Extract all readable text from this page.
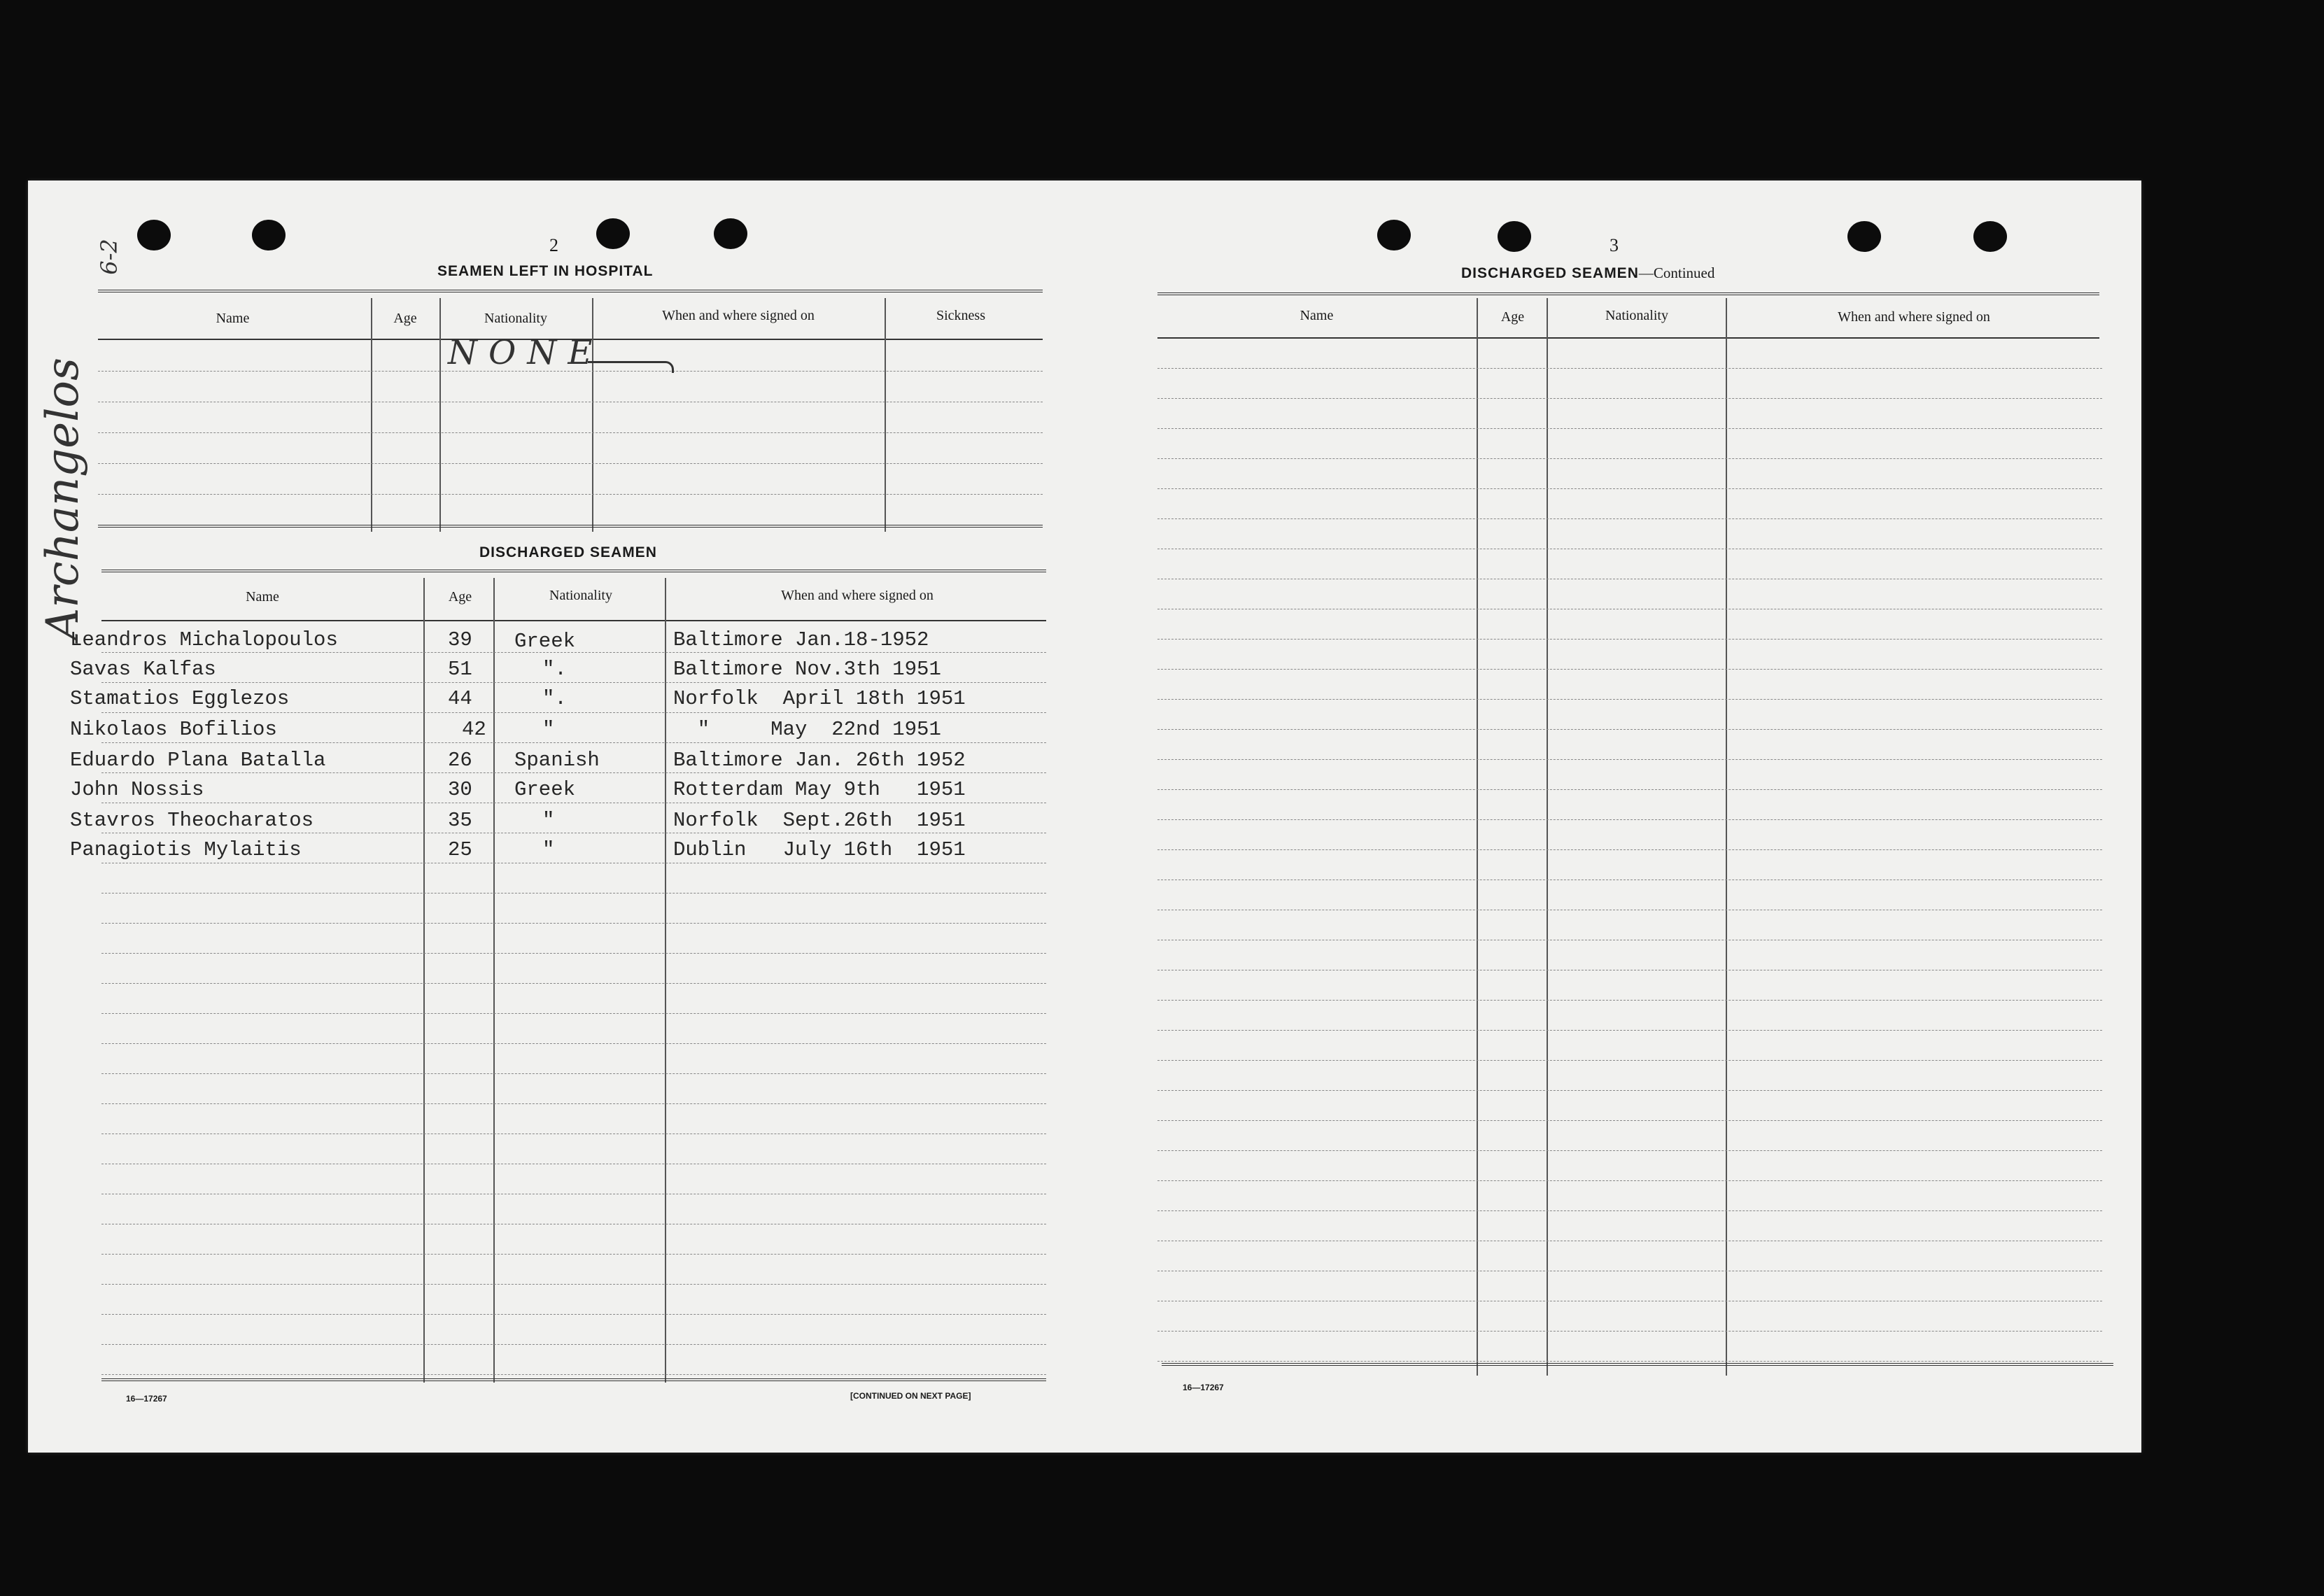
Archangelos
6-2	2
SEAMEN LEFT IN HOSPITAL
Name	Age	Nationality	When and where signed on	Sickness
NONE
DISCHARGED SEAMEN
Name	Age	Nationality	When and where signed on
Leandros Michalopoulos	39 Greek	Baltimore Jan.18-1952
Savas Kalfas	51	".	Baltimore Nov.3th 1951
Stamatios Egglezos	44	".	Norfolk  April 18th 1951
Nikolaos Bofilios	42	"	"     May  22nd 1951
Eduardo Plana Batalla	26 Spanish	Baltimore Jan. 26th 1952
John Nossis	30 Greek	Rotterdam May 9th   1951
Stavros Theocharatos	35	"	Norfolk  Sept.26th  1951
Panagiotis Mylaitis	25	"	Dublin   July 16th  1951
16—17267	[CONTINUED ON NEXT PAGE]
3
DISCHARGED SEAMEN—Continued
Name	Age	Nationality	When and where signed on
16—17267
